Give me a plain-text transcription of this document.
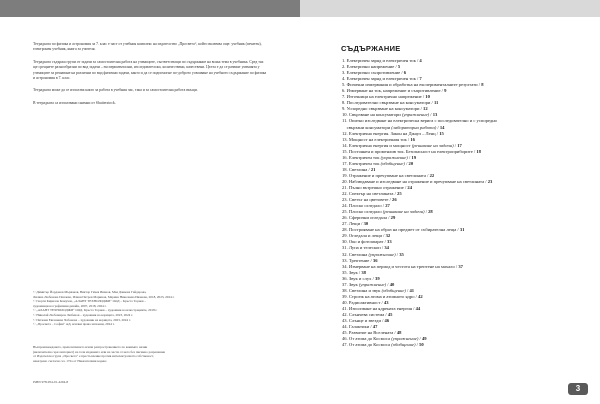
Тетрадката по физика и астрономия за 7. клас е част от учебния комплекс на издателство „Просвета“, който включва още: учебник (печатен), електронен учебник, книга за учителя.

Тетрадката съдържа групи от задачи за самостоятелна работа на учениците, съответстващи по съдържание на всяка тема в учебника. Сред тях ще срещнете разнообразни по вид задачи – експериментални, изследователски, количествени, качествени. Целта е да се развият уменията у учениците за решаване на различни по вид физични задачи, както и да се подпомогне по-доброто усвояване на учебното съдържание по физика и астрономия в 7. клас.

Тетрадката може да се използва както за работа в учебния час, така и за самостоятелна работа вкъщи.

В тетрадката са използвани снимки от Shutterstock.

© Димитър Йорданов Мърваков, Виктор Гичев Иванов, Мая Данкова Гайдарова,
Лиляна Любенова Пенчева, Илиан Петров Маринов, Марина Николаева Иванова, 2018, 2023, 2024 г.
© Георги Кирилов Кожухов, „АЛАНТ ТЕХНОЛОДЖИ“ ООД – Кръсто Торнев –
художници на графичния дизайн, 2007, 2018, 2024 г.
© „АЛАНТ ТЕХНОЛОДЖИ“ ООД, Кръсто Торнев – художник на илюстрациите, 2018 г.
© Николай Любомиров Любенов – художник на корицата, 2023, 2024 г.
© Петканя Евгениева Чобанова – художник на корицата, 2023, 2024 г.
© „Просвета – София“ АД, всички права запазени, 2024 г.
Възпроизвеждането, препечатването и/или разпространението по каквъвто начин
(включително чрез интернет) на този изданието или на части от него без писмено разрешение
от Издателска група „Просвета“ е престъпление против интелектуалната собственост,
наказуемо съгласно чл. 172а от Наказателния кодекс.
ISBN 978-954-01-4204-8
СЪДЪРЖАНИЕ
1. Електричен заряд и електричен ток / 4
2. Електрично напрежение / 5
3. Електрично съпротивление / 6
4. Електричен заряд и електричен ток / 7
5. Физични измервания и обработка на експерименталните резултати / 8
6. Измерване на ток, напрежение и съпротивление / 9
7. Източници на електрично напрежение / 10
8. Последователно свързване на консуматори / 11
9. Успоредно свързване на консуматори / 12
10. Свързване на консуматори (упражнение) / 13
11. Опитно изследване на електрическа верига с последователно и с успоредно
свързани консуматори (лабораторна работа) / 14
12. Електрична енергия. Закон на Джаул – Ленц / 15
13. Мощност на електричния ток / 16
14. Електрична енергия и мощност (решаване на задачи) / 17
15. Постоянен и променлив ток. Безопасност на електроприборите / 18
16. Електричен ток (упражнение) / 19
17. Електричен ток (обобщение) / 20
18. Светлина / 21
19. Отражение и пречупване на светлината / 22
20. Наблюдаване и изследване на отражение и пречупване на светлината / 23
21. Пълно вътрешно отражение / 24
22. Спектър на светлината / 25
23. Светът на цветовете / 26
24. Плоско огледало / 27
25. Плоско огледало (решаване на задачи) / 28
26. Сферични огледала / 29
27. Лещи / 30
28. Построяване на образ на предмет от събирателна леща / 31
29. Огледала и лещи / 32
30. Око и фотоапарат / 33
31. Лупа и телескоп / 34
32. Светлина (упражнение) / 35
33. Трептение / 36
34. Измерване на период и честота на трептене на махало / 37
35. Звук / 38
36. Звук и слух / 39
37. Звук (упражнение) / 40
38. Светлина и звук (обобщение) / 41
39. Строеж на атома и атомното ядро / 42
40. Радиоактивност / 43
41. Използване на ядрената енергия / 44
42. Слънчева система / 45
43. Слънце и звезди / 46
44. Галактики / 47
45. Развитие на Вселената / 48
46. От атома до Космоса (упражнение) / 49
47. От атома до Космоса (обобщение) / 50
3
